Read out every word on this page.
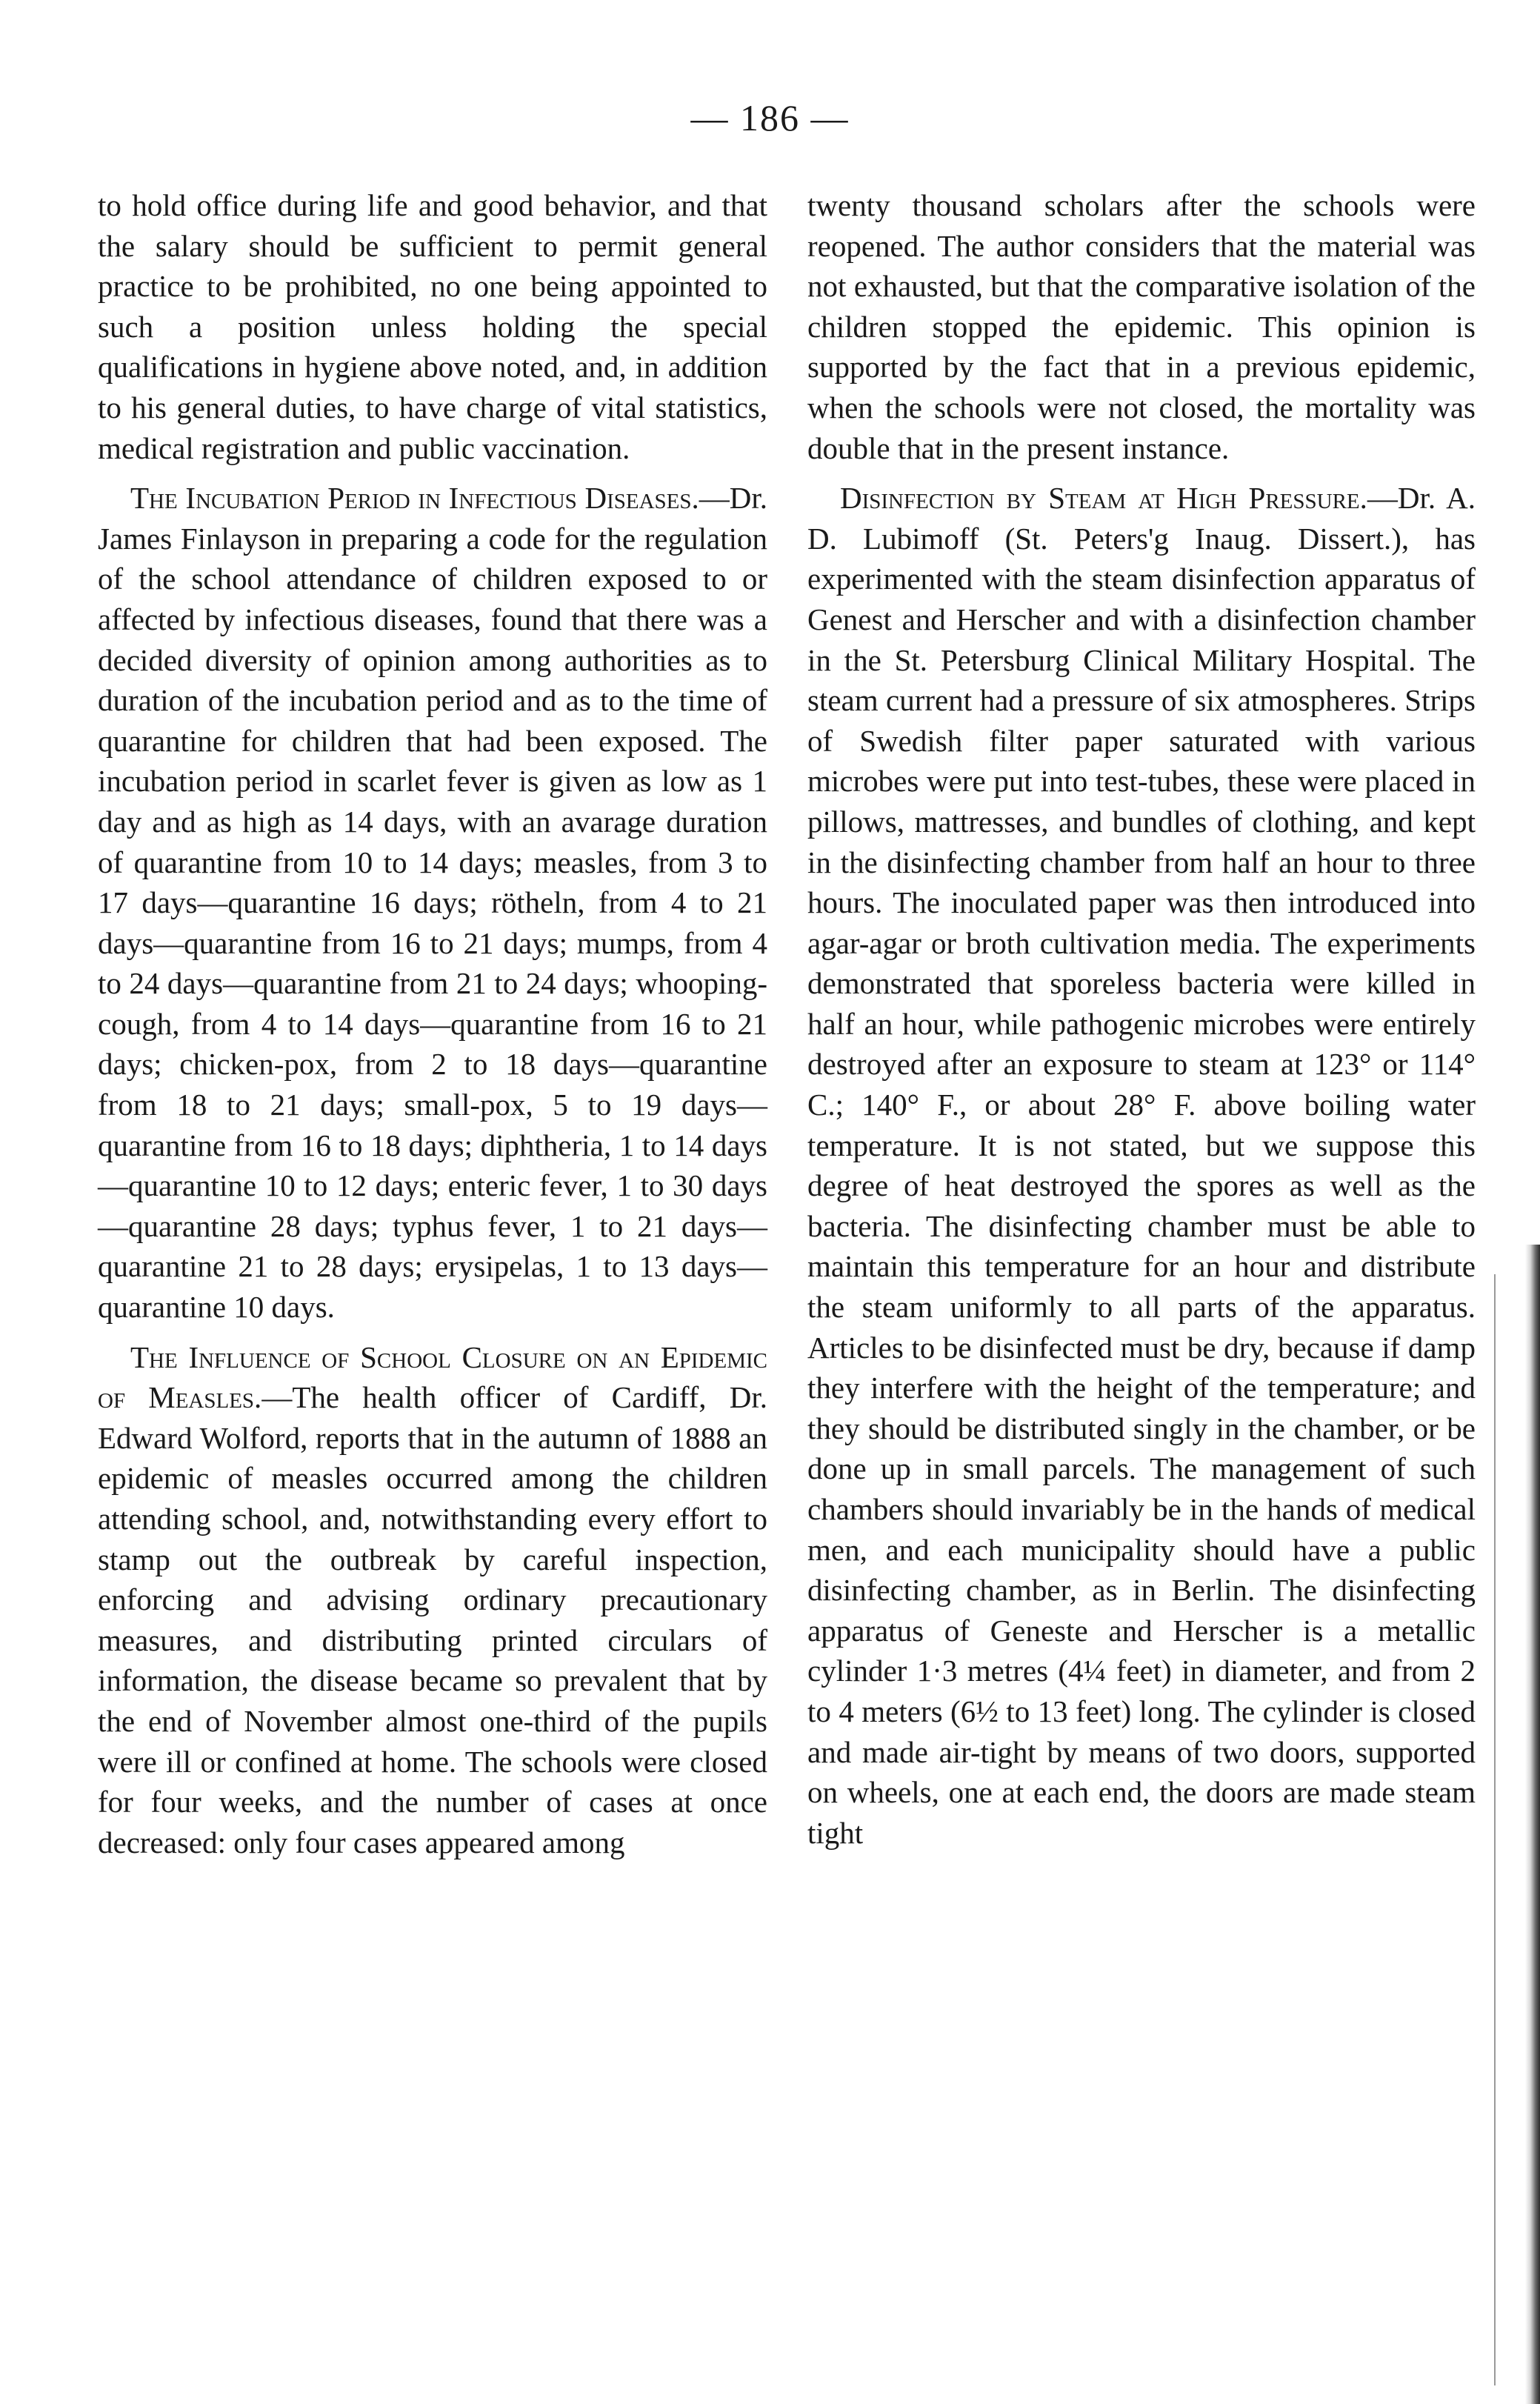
— 186 —

to hold office during life and good behavior, and that the salary should be sufficient to permit general practice to be prohibited, no one being appointed to such a position unless holding the special qualifications in hygiene above noted, and, in addition to his general duties, to have charge of vital statistics, medical registration and public vaccination.

The Incubation Period in Infectious Diseases.—Dr. James Finlayson in preparing a code for the regulation of the school attendance of children exposed to or affected by infectious diseases, found that there was a decided diversity of opinion among authorities as to duration of the incubation period and as to the time of quarantine for children that had been exposed. The incubation period in scarlet fever is given as low as 1 day and as high as 14 days, with an avarage duration of quarantine from 10 to 14 days; measles, from 3 to 17 days—quarantine 16 days; rötheln, from 4 to 21 days—quarantine from 16 to 21 days; mumps, from 4 to 24 days—quarantine from 21 to 24 days; whooping-cough, from 4 to 14 days—quarantine from 16 to 21 days; chicken-pox, from 2 to 18 days—quarantine from 18 to 21 days; small-pox, 5 to 19 days—quarantine from 16 to 18 days; diphtheria, 1 to 14 days—quarantine 10 to 12 days; enteric fever, 1 to 30 days—quarantine 28 days; typhus fever, 1 to 21 days—quarantine 21 to 28 days; erysipelas, 1 to 13 days—quarantine 10 days.

The Influence of School Closure on an Epidemic of Measles.—The health officer of Cardiff, Dr. Edward Wolford, reports that in the autumn of 1888 an epidemic of measles occurred among the children attending school, and, notwithstanding every effort to stamp out the outbreak by careful inspection, enforcing and advising ordinary precautionary measures, and distributing printed circulars of information, the disease became so prevalent that by the end of November almost one-third of the pupils were ill or confined at home. The schools were closed for four weeks, and the number of cases at once decreased: only four cases appeared among

twenty thousand scholars after the schools were reopened. The author considers that the material was not exhausted, but that the comparative isolation of the children stopped the epidemic. This opinion is supported by the fact that in a previous epidemic, when the schools were not closed, the mortality was double that in the present instance.

Disinfection by Steam at High Pressure.—Dr. A. D. Lubimoff (St. Peters'g Inaug. Dissert.), has experimented with the steam disinfection apparatus of Genest and Herscher and with a disinfection chamber in the St. Petersburg Clinical Military Hospital. The steam current had a pressure of six atmospheres. Strips of Swedish filter paper saturated with various microbes were put into test-tubes, these were placed in pillows, mattresses, and bundles of clothing, and kept in the disinfecting chamber from half an hour to three hours. The inoculated paper was then introduced into agar-agar or broth cultivation media. The experiments demonstrated that sporeless bacteria were killed in half an hour, while pathogenic microbes were entirely destroyed after an exposure to steam at 123° or 114° C.; 140° F., or about 28° F. above boiling water temperature. It is not stated, but we suppose this degree of heat destroyed the spores as well as the bacteria. The disinfecting chamber must be able to maintain this temperature for an hour and distribute the steam uniformly to all parts of the apparatus. Articles to be disinfected must be dry, because if damp they interfere with the height of the temperature; and they should be distributed singly in the chamber, or be done up in small parcels. The management of such chambers should invariably be in the hands of medical men, and each municipality should have a public disinfecting chamber, as in Berlin. The disinfecting apparatus of Geneste and Herscher is a metallic cylinder 1·3 metres (4¼ feet) in diameter, and from 2 to 4 meters (6½ to 13 feet) long. The cylinder is closed and made air-tight by means of two doors, supported on wheels, one at each end, the doors are made steam tight
